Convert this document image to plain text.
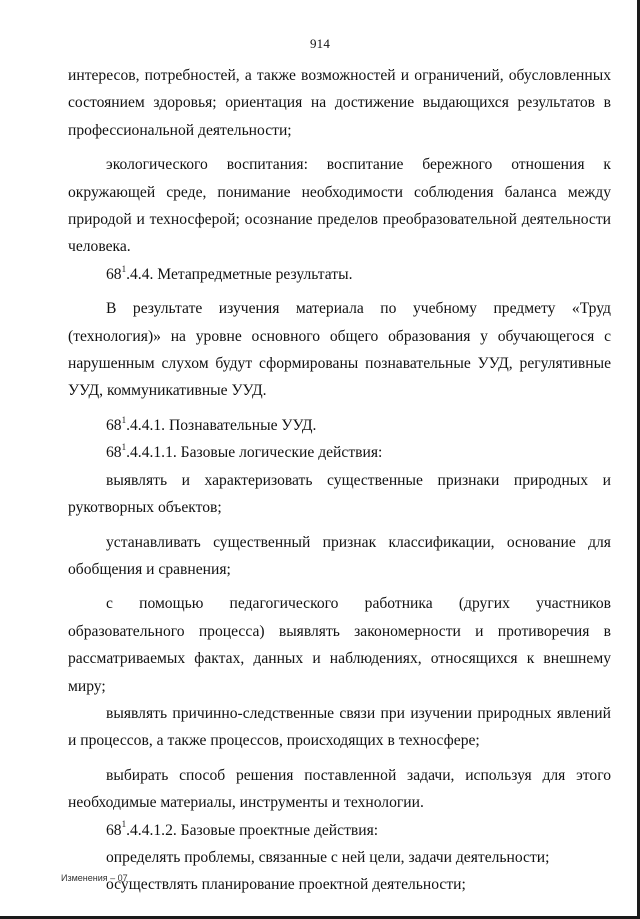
914

интересов, потребностей, а также возможностей и ограничений, обусловленных состоянием здоровья; ориентация на достижение выдающихся результатов в профессиональной деятельности;

экологического воспитания: воспитание бережного отношения к окружающей среде, понимание необходимости соблюдения баланса между природой и техносферой; осознание пределов преобразовательной деятельности человека.

$68^1.4.4$. Метапредметные результаты.

В результате изучения материала по учебному предмету «Труд (технология)» на уровне основного общего образования у обучающегося с нарушенным слухом будут сформированы познавательные УУД, регулятивные УУД, коммуникативные УУД.

$68^1.4.4.1$. Познавательные УУД.

$68^1.4.4.1.1$. Базовые логические действия:

выявлять и характеризовать существенные признаки природных и рукотворных объектов;

устанавливать существенный признак классификации, основание для обобщения и сравнения;

с помощью педагогического работника (других участников образовательного процесса) выявлять закономерности и противоречия в рассматриваемых фактах, данных и наблюдениях, относящихся к внешнему миру;

выявлять причинно-следственные связи при изучении природных явлений и процессов, а также процессов, происходящих в техносфере;

выбирать способ решения поставленной задачи, используя для этого необходимые материалы, инструменты и технологии.

$68^1.4.4.1.2$. Базовые проектные действия:

определять проблемы, связанные с ней цели, задачи деятельности;

осуществлять планирование проектной деятельности;

Изменения – 07
